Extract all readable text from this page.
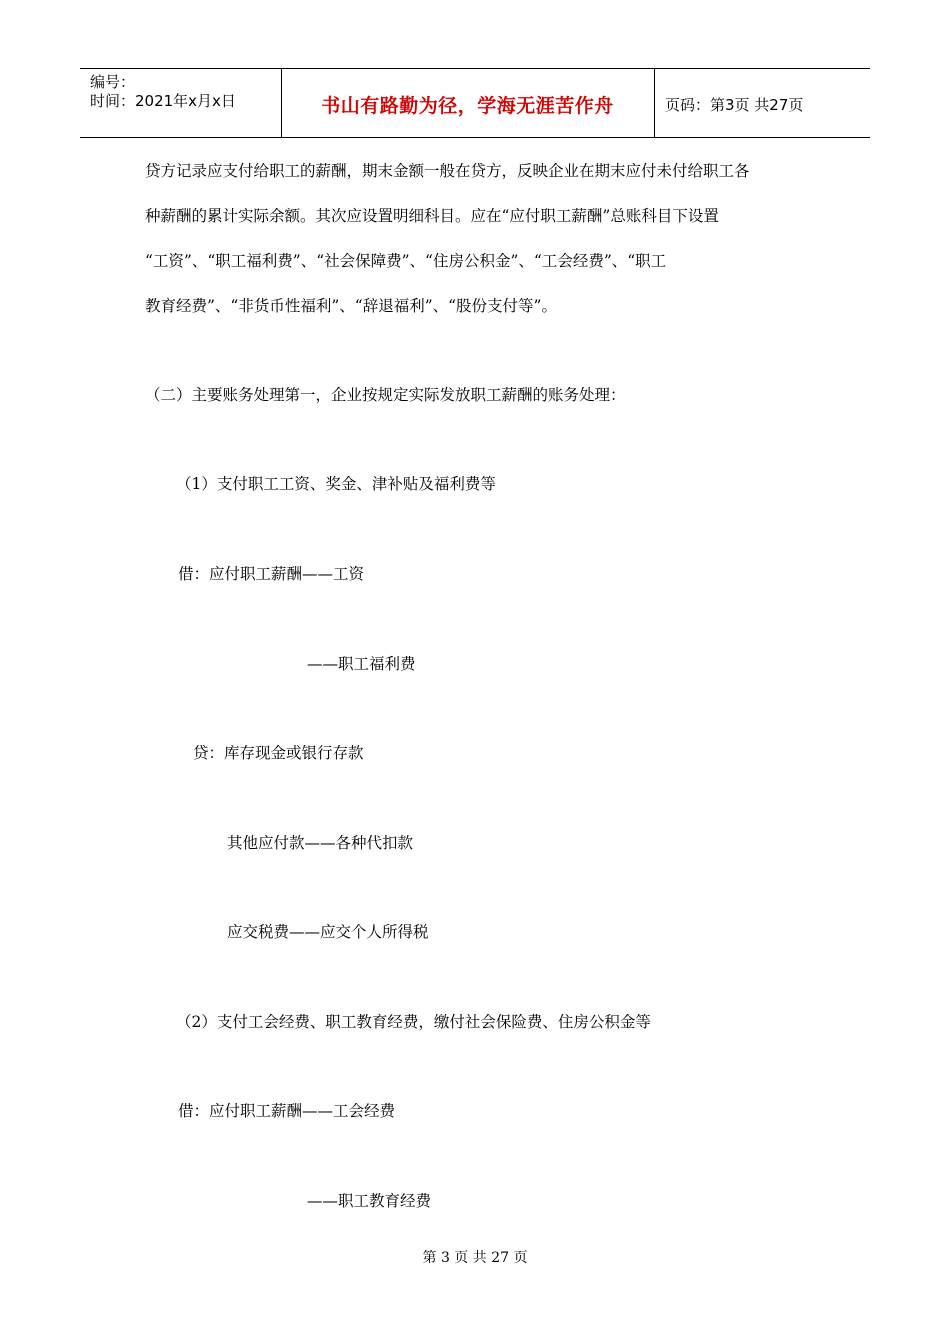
编号：
时间：2021年x月x日	书山有路勤为径，学海无涯苦作舟	页码：第3页 共27页
贷方记录应支付给职工的薪酬，期末金额一般在贷方，反映企业在期末应付未付给职工各
种薪酬的累计实际余额。其次应设置明细科目。应在“应付职工薪酬”总账科目下设置
“工资”、“职工福利费”、“社会保障费”、“住房公积金”、“工会经费”、“职工
教育经费”、“非货币性福利”、“辞退福利”、“股份支付等”。
（二）主要账务处理第一，企业按规定实际发放职工薪酬的账务处理：
（1）支付职工工资、奖金、津补贴及福利费等
借：应付职工薪酬——工资
——职工福利费
贷：库存现金或银行存款
其他应付款——各种代扣款
应交税费——应交个人所得税
（2）支付工会经费、职工教育经费，缴付社会保险费、住房公积金等
借：应付职工薪酬——工会经费
——职工教育经费
第 3 页 共 27 页
